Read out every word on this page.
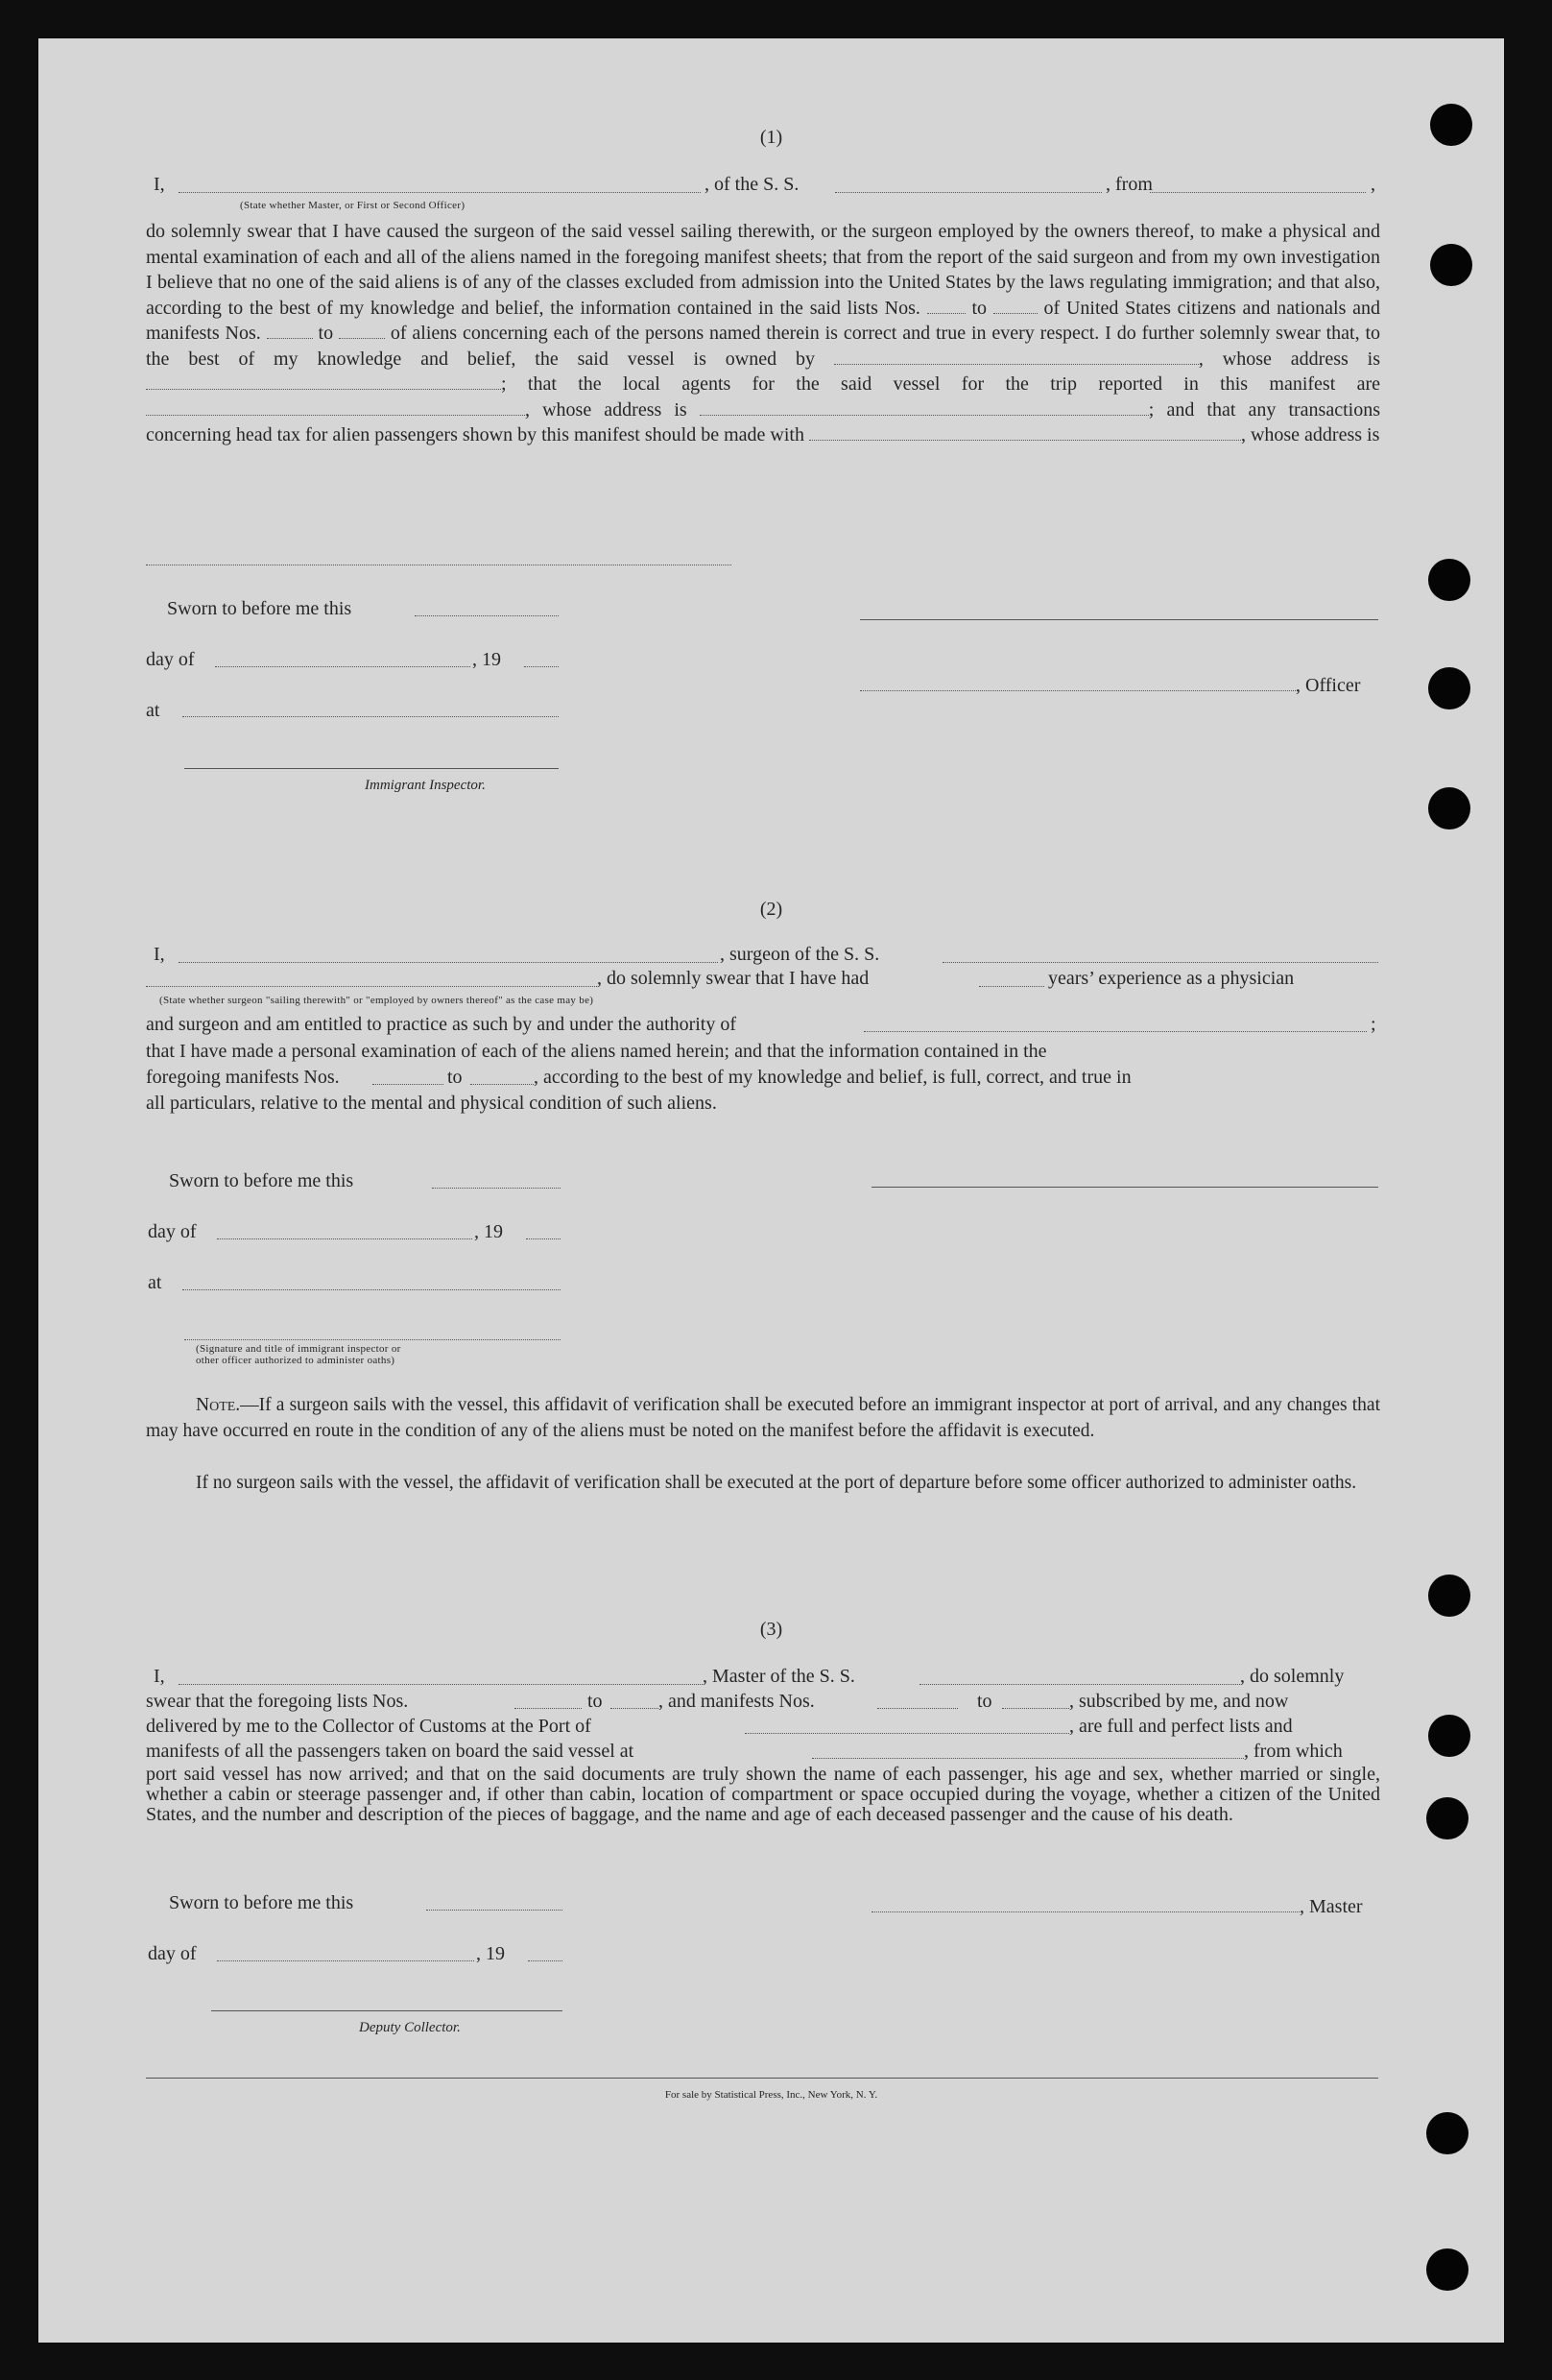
(1)
I,	, of the S. S.	, from	,
(State whether Master, or First or Second Officer)
do solemnly swear that I have caused the surgeon of the said vessel sailing therewith, or the surgeon employed by the owners thereof, to make a physical and mental examination of each and all of the aliens named in the foregoing manifest sheets; that from the report of the said surgeon and from my own investigation I believe that no one of the said aliens is of any of the classes excluded from admission into the United States by the laws regulating immigration; and that also, according to the best of my knowledge and belief, the information contained in the said lists Nos.	to	of United States citizens and nationals and manifests Nos.	to	of aliens concerning each of the persons named therein is correct and true in every respect. I do further solemnly swear that, to the best of my knowledge and belief, the said vessel is owned by	, whose address is ; that the local agents for the said vessel for the trip reported in this manifest are , whose address is	; and that any transactions concerning head tax for alien passengers shown by this manifest should be made with	, whose address is
Sworn to before me this
day of	, 19
at
Immigrant Inspector.
, Officer
(2)
I,	, surgeon of the S. S.
, do solemnly swear that I have had	years’ experience as a physician
(State whether surgeon "sailing therewith" or "employed by owners thereof" as the case may be)
and surgeon and am entitled to practice as such by and under the authority of	;
that I have made a personal examination of each of the aliens named herein; and that the information contained in the
foregoing manifests Nos.	to	, according to the best of my knowledge and belief, is full, correct, and true in
all particulars, relative to the mental and physical condition of such aliens.
Sworn to before me this
day of	, 19
at
(Signature and title of immigrant inspector or
other officer authorized to administer oaths)
Note.—If a surgeon sails with the vessel, this affidavit of verification shall be executed before an immigrant inspector at port of arrival, and any changes that may have occurred en route in the condition of any of the aliens must be noted on the manifest before the affidavit is executed.
If no surgeon sails with the vessel, the affidavit of verification shall be executed at the port of departure before some officer authorized to administer oaths.
(3)
I,	, Master of the S. S.	, do solemnly
swear that the foregoing lists Nos.	to	, and manifests Nos.	to	, subscribed by me, and now
delivered by me to the Collector of Customs at the Port of	, are full and perfect lists and
manifests of all the passengers taken on board the said vessel at	, from which
port said vessel has now arrived; and that on the said documents are truly shown the name of each passenger, his age and sex, whether married or single, whether a cabin or steerage passenger and, if other than cabin, location of compartment or space occupied during the voyage, whether a citizen of the United States, and the number and description of the pieces of baggage, and the name and age of each deceased passenger and the cause of his death.
Sworn to before me this
day of	, 19
Deputy Collector.
, Master
For sale by Statistical Press, Inc., New York, N. Y.
